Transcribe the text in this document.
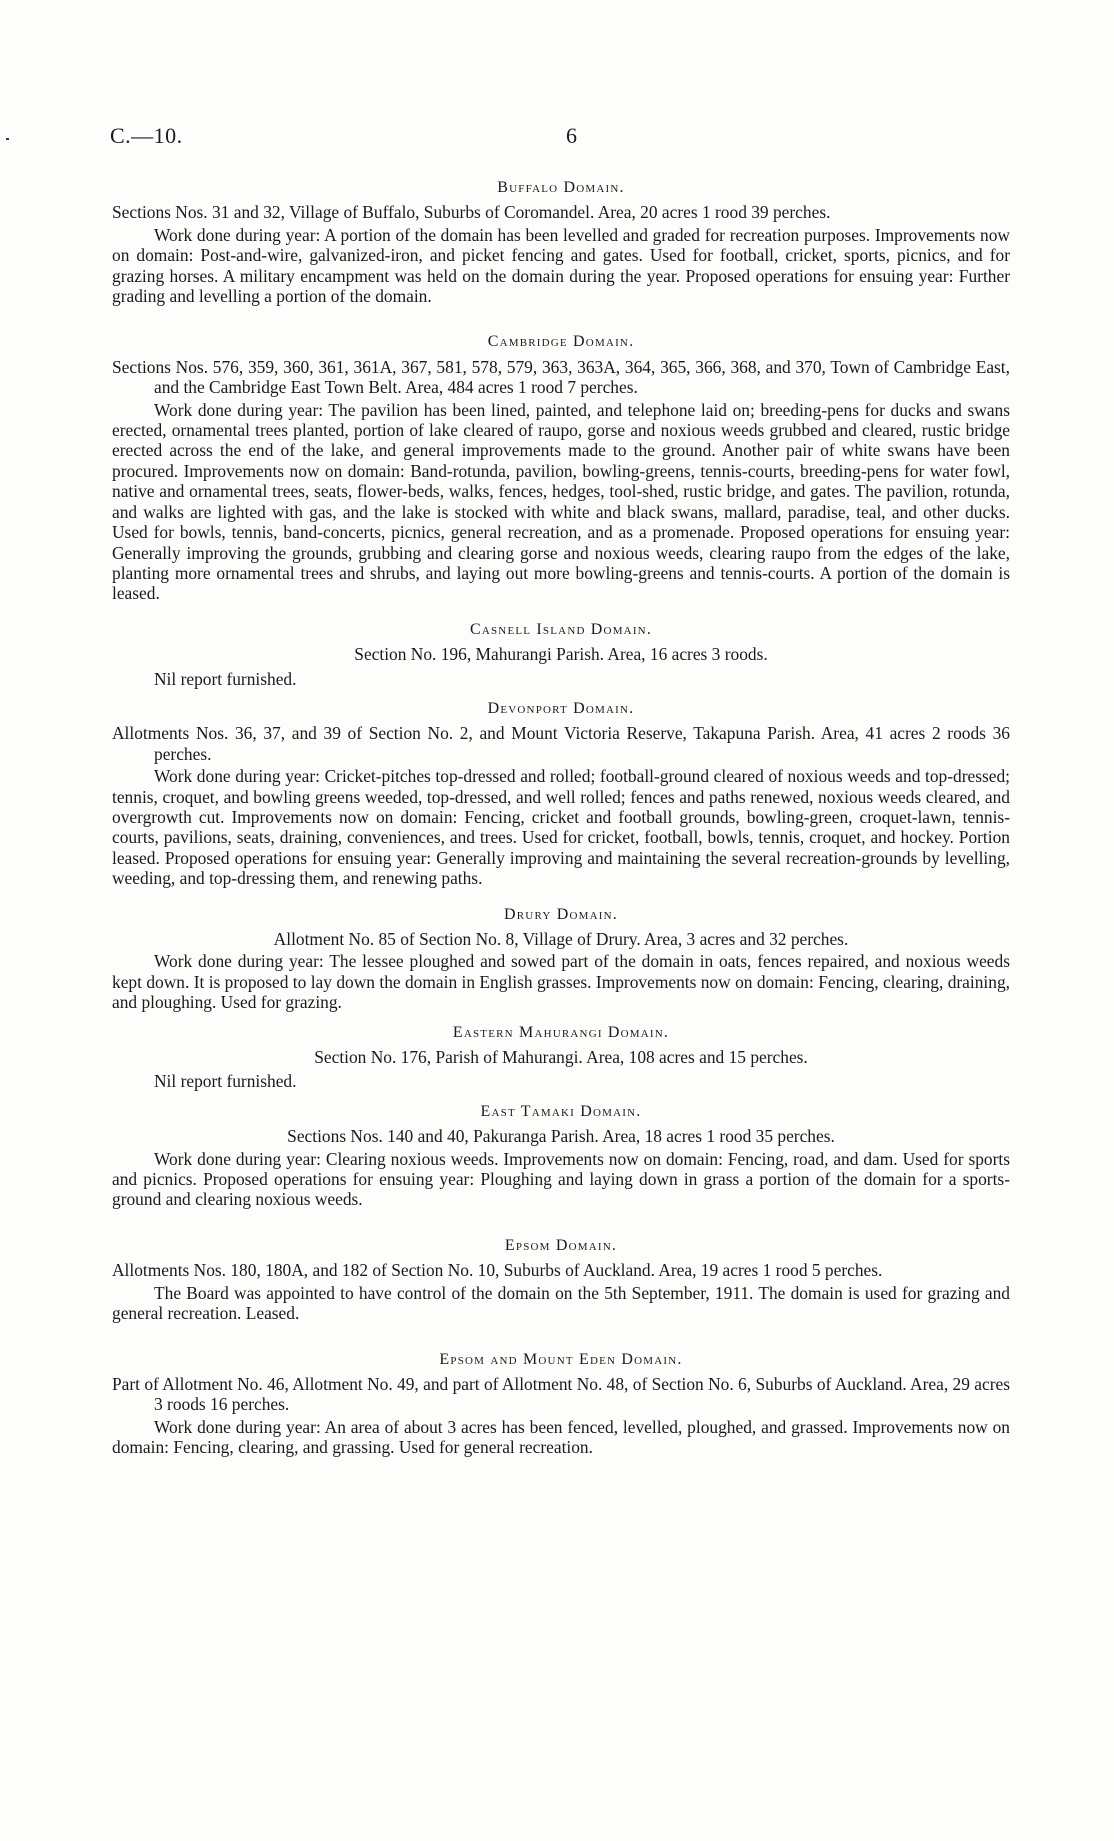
C.—10.	6
Buffalo Domain.

Sections Nos. 31 and 32, Village of Buffalo, Suburbs of Coromandel. Area, 20 acres 1 rood 39 perches.

Work done during year: A portion of the domain has been levelled and graded for recreation purposes. Improvements now on domain: Post-and-wire, galvanized-iron, and picket fencing and gates. Used for football, cricket, sports, picnics, and for grazing horses. A military encampment was held on the domain during the year. Proposed operations for ensuing year: Further grading and levelling a portion of the domain.

Cambridge Domain.

Sections Nos. 576, 359, 360, 361, 361A, 367, 581, 578, 579, 363, 363A, 364, 365, 366, 368, and 370, Town of Cambridge East, and the Cambridge East Town Belt. Area, 484 acres 1 rood 7 perches.

Work done during year: The pavilion has been lined, painted, and telephone laid on; breeding-pens for ducks and swans erected, ornamental trees planted, portion of lake cleared of raupo, gorse and noxious weeds grubbed and cleared, rustic bridge erected across the end of the lake, and general improvements made to the ground. Another pair of white swans have been procured. Improvements now on domain: Band-rotunda, pavilion, bowling-greens, tennis-courts, breeding-pens for water fowl, native and ornamental trees, seats, flower-beds, walks, fences, hedges, tool-shed, rustic bridge, and gates. The pavilion, rotunda, and walks are lighted with gas, and the lake is stocked with white and black swans, mallard, paradise, teal, and other ducks. Used for bowls, tennis, band-concerts, picnics, general recreation, and as a promenade. Proposed operations for ensuing year: Generally improving the grounds, grubbing and clearing gorse and noxious weeds, clearing raupo from the edges of the lake, planting more ornamental trees and shrubs, and laying out more bowling-greens and tennis-courts. A portion of the domain is leased.

Casnell Island Domain.

Section No. 196, Mahurangi Parish. Area, 16 acres 3 roods.

Nil report furnished.

Devonport Domain.

Allotments Nos. 36, 37, and 39 of Section No. 2, and Mount Victoria Reserve, Takapuna Parish. Area, 41 acres 2 roods 36 perches.

Work done during year: Cricket-pitches top-dressed and rolled; football-ground cleared of noxious weeds and top-dressed; tennis, croquet, and bowling greens weeded, top-dressed, and well rolled; fences and paths renewed, noxious weeds cleared, and overgrowth cut. Improvements now on domain: Fencing, cricket and football grounds, bowling-green, croquet-lawn, tennis-courts, pavilions, seats, draining, conveniences, and trees. Used for cricket, football, bowls, tennis, croquet, and hockey. Portion leased. Proposed operations for ensuing year: Generally improving and maintaining the several recreation-grounds by levelling, weeding, and top-dressing them, and renewing paths.

Drury Domain.

Allotment No. 85 of Section No. 8, Village of Drury. Area, 3 acres and 32 perches.

Work done during year: The lessee ploughed and sowed part of the domain in oats, fences repaired, and noxious weeds kept down. It is proposed to lay down the domain in English grasses. Improvements now on domain: Fencing, clearing, draining, and ploughing. Used for grazing.

Eastern Mahurangi Domain.

Section No. 176, Parish of Mahurangi. Area, 108 acres and 15 perches.

Nil report furnished.

East Tamaki Domain.

Sections Nos. 140 and 40, Pakuranga Parish. Area, 18 acres 1 rood 35 perches.

Work done during year: Clearing noxious weeds. Improvements now on domain: Fencing, road, and dam. Used for sports and picnics. Proposed operations for ensuing year: Ploughing and laying down in grass a portion of the domain for a sports-ground and clearing noxious weeds.

Epsom Domain.

Allotments Nos. 180, 180A, and 182 of Section No. 10, Suburbs of Auckland. Area, 19 acres 1 rood 5 perches.

The Board was appointed to have control of the domain on the 5th September, 1911. The domain is used for grazing and general recreation. Leased.

Epsom and Mount Eden Domain.

Part of Allotment No. 46, Allotment No. 49, and part of Allotment No. 48, of Section No. 6, Suburbs of Auckland. Area, 29 acres 3 roods 16 perches.

Work done during year: An area of about 3 acres has been fenced, levelled, ploughed, and grassed. Improvements now on domain: Fencing, clearing, and grassing. Used for general recreation.
